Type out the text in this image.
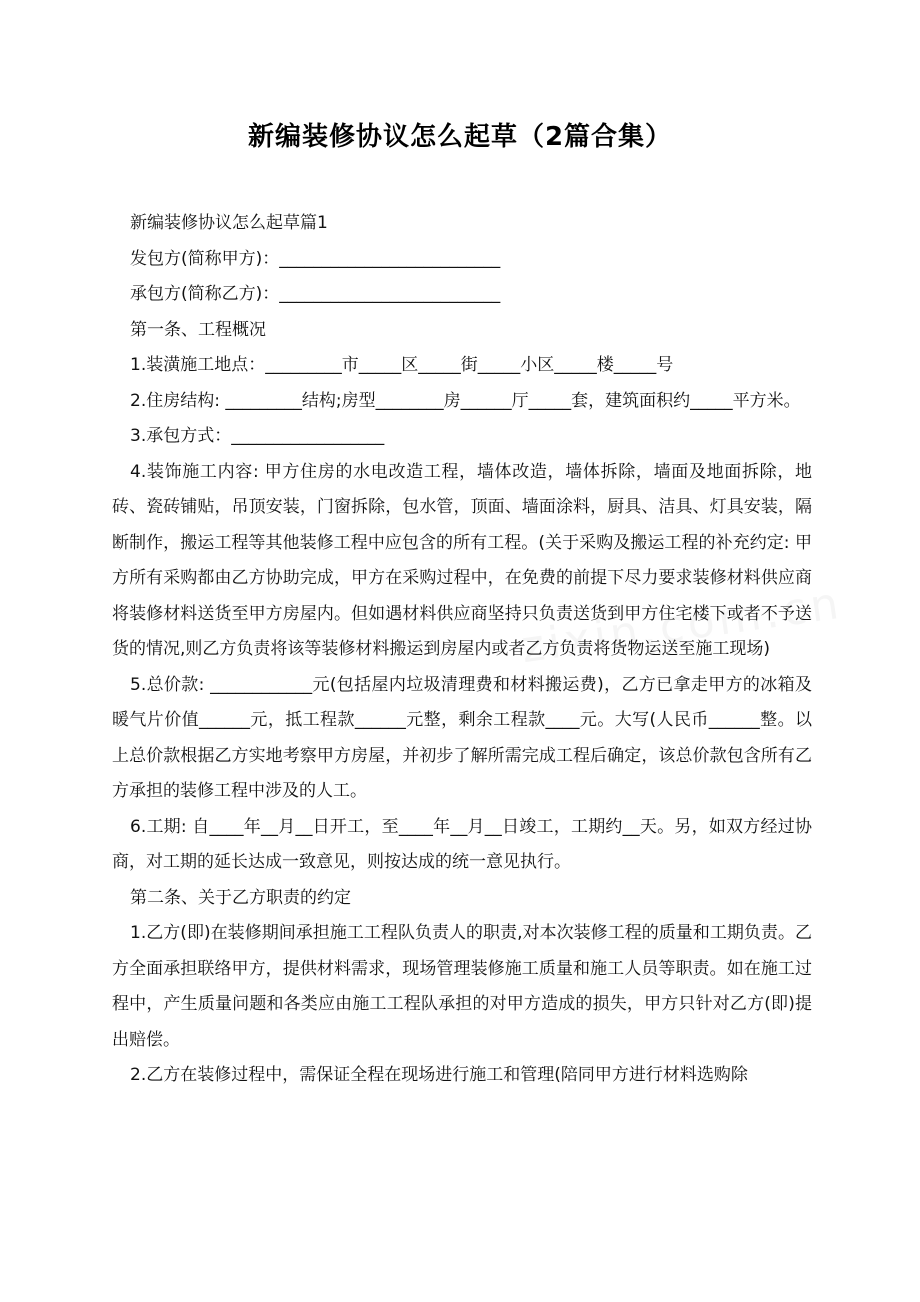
新编装修协议怎么起草（2篇合集）

新编装修协议怎么起草篇1

发包方(简称甲方)：__________________________

承包方(简称乙方)：__________________________

第一条、工程概况

1.装潢施工地点：_________市_____区_____街_____小区_____楼_____号

2.住房结构: _________结构;房型________房______厅_____套，建筑面积约_____平方米。

3.承包方式：__________________

4.装饰施工内容: 甲方住房的水电改造工程，墙体改造，墙体拆除，墙面及地面拆除，地砖、瓷砖铺贴，吊顶安装，门窗拆除，包水管，顶面、墙面涂料，厨具、洁具、灯具安装，隔断制作，搬运工程等其他装修工程中应包含的所有工程。(关于采购及搬运工程的补充约定: 甲方所有采购都由乙方协助完成，甲方在采购过程中，在免费的前提下尽力要求装修材料供应商将装修材料送货至甲方房屋内。但如遇材料供应商坚持只负责送货到甲方住宅楼下或者不予送货的情况,则乙方负责将该等装修材料搬运到房屋内或者乙方负责将货物运送至施工现场)

5.总价款: ____________元(包括屋内垃圾清理费和材料搬运费)，乙方已拿走甲方的冰箱及暖气片价值______元，抵工程款______元整，剩余工程款____元。大写(人民币______整。以上总价款根据乙方实地考察甲方房屋，并初步了解所需完成工程后确定，该总价款包含所有乙方承担的装修工程中涉及的人工。

6.工期: 自____年__月__日开工，至____年__月__日竣工，工期约__天。另，如双方经过协商，对工期的延长达成一致意见，则按达成的统一意见执行。

第二条、关于乙方职责的约定

1.乙方(即)在装修期间承担施工工程队负责人的职责,对本次装修工程的质量和工期负责。乙方全面承担联络甲方，提供材料需求，现场管理装修施工质量和施工人员等职责。如在施工过程中，产生质量问题和各类应由施工工程队承担的对甲方造成的损失，甲方只针对乙方(即)提出赔偿。

2.乙方在装修过程中，需保证全程在现场进行施工和管理(陪同甲方进行材料选购除
